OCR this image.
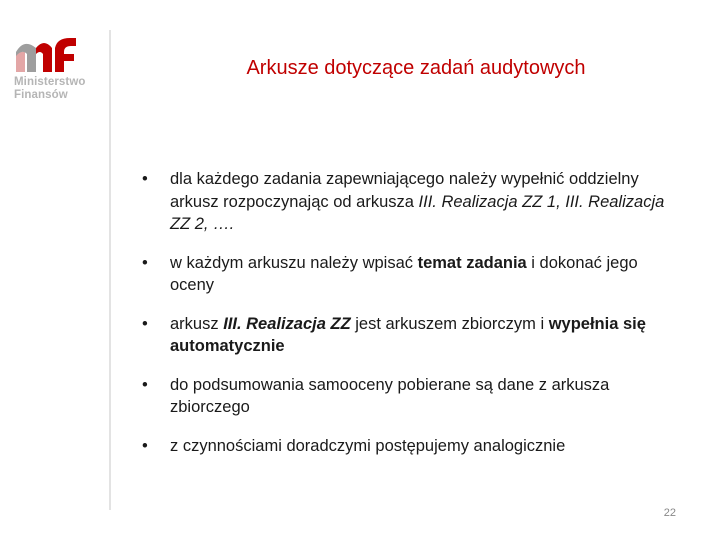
Ministerstwo
Finansów
Arkusze dotyczące zadań audytowych
• dla każdego zadania zapewniającego należy wypełnić oddzielny arkusz rozpoczynając od arkusza III. Realizacja ZZ 1, III. Realizacja ZZ 2, ….
• w każdym arkuszu należy wpisać temat zadania i dokonać jego oceny
• arkusz III. Realizacja ZZ jest arkuszem zbiorczym i wypełnia się automatycznie
• do podsumowania samooceny pobierane są dane z arkusza zbiorczego
• z czynnościami doradczymi postępujemy analogicznie
22
